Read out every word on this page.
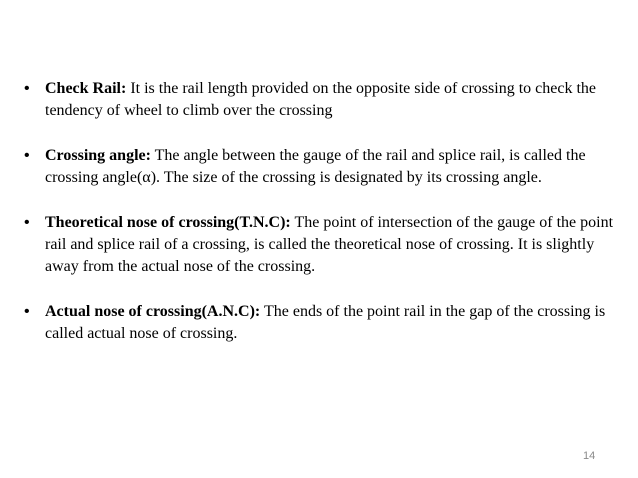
• Check Rail: It is the rail length provided on the opposite side of crossing to check the tendency of wheel to climb over the crossing
• Crossing angle: The angle between the gauge of the rail and splice rail, is called the crossing angle(α). The size of the crossing is designated by its crossing angle.
• Theoretical nose of crossing(T.N.C): The point of intersection of the gauge of the point rail and splice rail of a crossing, is called the theoretical nose of crossing. It is slightly away from the actual nose of the crossing.
• Actual nose of crossing(A.N.C): The ends of the point rail in the gap of the crossing is called actual nose of crossing.
14
